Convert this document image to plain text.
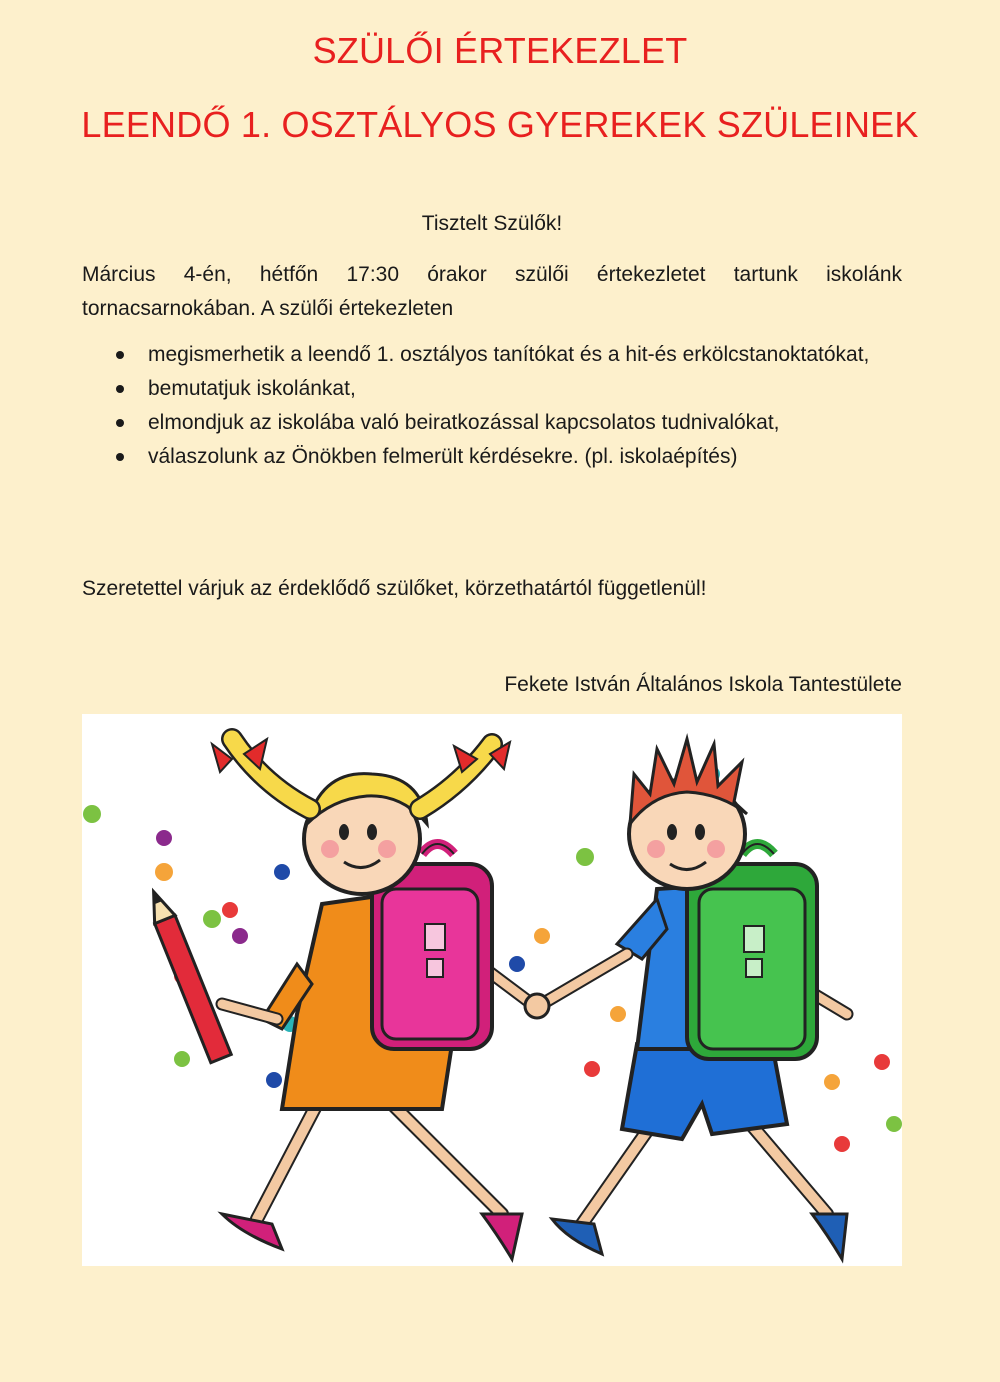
SZÜLŐI ÉRTEKEZLET
LEENDŐ 1. OSZTÁLYOS GYEREKEK SZÜLEINEK
Tisztelt Szülők!

Március 4-én, hétfőn 17:30 órakor szülői értekezletet tartunk iskolánk tornacsarnokában. A szülői értekezleten

megismerhetik a leendő 1. osztályos tanítókat és a hit-és erkölcstanoktatókat,
bemutatjuk iskolánkat,
elmondjuk az iskolába való beiratkozással kapcsolatos tudnivalókat,
válaszolunk az Önökben felmerült kérdésekre. (pl. iskolaépítés)
Szeretettel várjuk az érdeklődő szülőket, körzethatártól függetlenül!
Fekete István Általános Iskola Tantestülete
